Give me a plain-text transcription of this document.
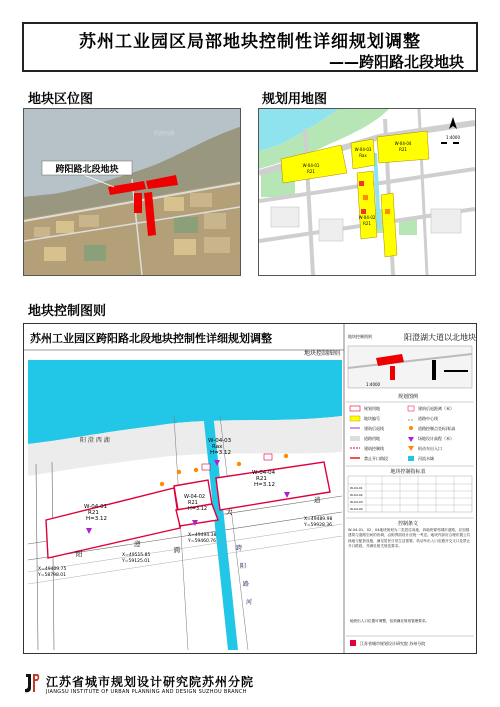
苏州工业园区局部地块控制性详细规划调整
——跨阳路北段地块
地块区位图	规划用地图
地块控制图则
跨阳路北段地块
阳澄西湖
W-04-01
R21
W-04-03
Rax
W-04-04
R21
W-04-02
R21
1:4000
苏州工业园区跨阳路北段地块控制性详细规划调整
地块控制图则
W-04-01
R21
H=3.12
W-04-03
Rax
H=3.12
W-04-02
R21
H=3.12
W-04-04
R21
H=3.12
阳 澄 西 湖
大
道
阳
澄
跨	跨
阳
路
河
X=49515.85
Y=59125.01
X=49494.38
Y=59460.76
X=49489.98
Y=59928.36
X=49409.75
Y=58798.01
地块控制图则	阳澄湖大道以北地块
1:4000
规划图例
规划用地
地块编号
建筑后退线
道路用地
建筑控制线
禁止开口路段
建筑后退距离（米）
道路中心线
道路控制点坐标/标高
场地设计高程（米）
机动车出入口
河流水域
地块控制指标表
W-04-01
W-04-02
W-04-03
W-04-04
控制条文
W-04-01、02、04地块规划为二类居住用地，四地块紧邻城市道路，应加强建筑与道路空间的协调，沿街界面设计应统一考虑。地块内部应合理布置公共绿地与配套设施，满足居民日常生活需要。机动车出入口应避开交叉口及禁止开口路段，并满足相关规范要求。
地块出入口位置可调整，但须满足规划管理要求。
江苏省城市规划设计研究院 苏州分院
江苏省城市规划设计研究院苏州分院
JIANGSU INSTITUTE OF URBAN PLANNING AND DESIGN SUZHOU BRANCH
